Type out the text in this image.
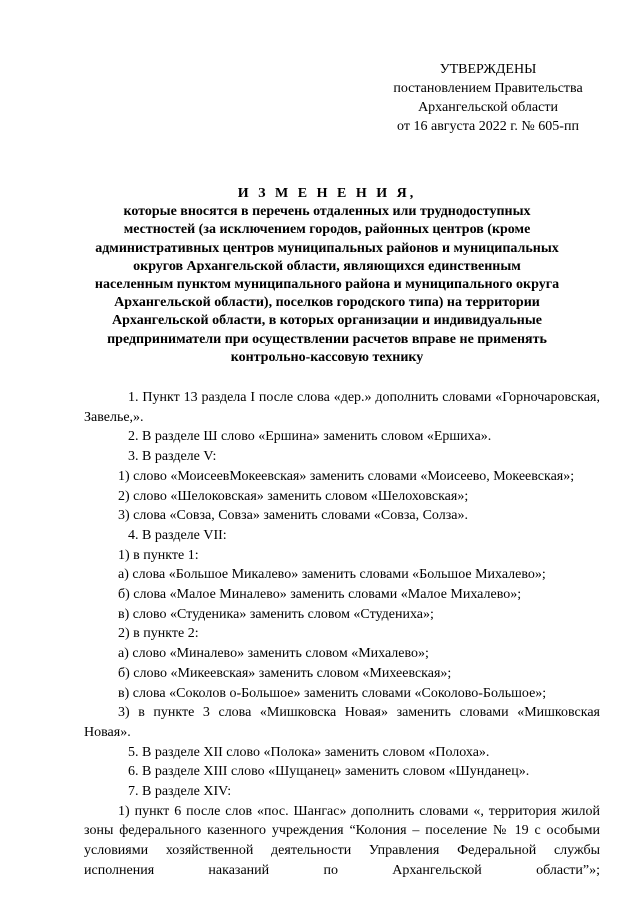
УТВЕРЖДЕНЫ
постановлением Правительства
Архангельской области
от 16 августа 2022 г. № 605-пп
И З М Е Н Е Н И Я,
которые вносятся в перечень отдаленных или труднодоступных
местностей (за исключением городов, районных центров (кроме
административных центров муниципальных районов и муниципальных
округов Архангельской области, являющихся единственным
населенным пунктом муниципального района и муниципального округа
Архангельской области), поселков городского типа) на территории
Архангельской области, в которых организации и индивидуальные
предприниматели при осуществлении расчетов вправе не применять
контрольно-кассовую технику
1. Пункт 13 раздела I после слова «дер.» дополнить словами «Горночаровская, Завелье,».
2. В разделе Ш слово «Ершина» заменить словом «Ершиха».
3. В разделе V:
1) слово «МоисеевМокеевская» заменить словами «Моисеево, Мокеевская»;
2) слово «Шелоковская» заменить словом «Шелоховская»;
3) слова «Совза, Совза» заменить словами «Совза, Солза».
4. В разделе VII:
1) в пункте 1:
а) слова «Большое Микалево» заменить словами «Большое Михалево»;
б) слова «Малое Миналево» заменить словами «Малое Михалево»;
в) слово «Студеника» заменить словом «Студениха»;
2) в пункте 2:
а) слово «Миналево» заменить словом «Михалево»;
б) слово «Микеевская» заменить словом «Михеевская»;
в) слова «Соколов о-Большое» заменить словами «Соколово-Большое»;
3) в пункте 3 слова «Мишковска Новая» заменить словами «Мишковская Новая».
5. В разделе XII слово «Полока» заменить словом «Полоха».
6. В разделе XIII слово «Шущанец» заменить словом «Шунданец».
7. В разделе XIV:
1) пункт 6 после слов «пос. Шангас» дополнить словами «, территория жилой зоны федерального казенного учреждения “Колония – поселение № 19 с особыми условиями хозяйственной деятельности Управления Федеральной службы исполнения наказаний по Архангельской области”»;
